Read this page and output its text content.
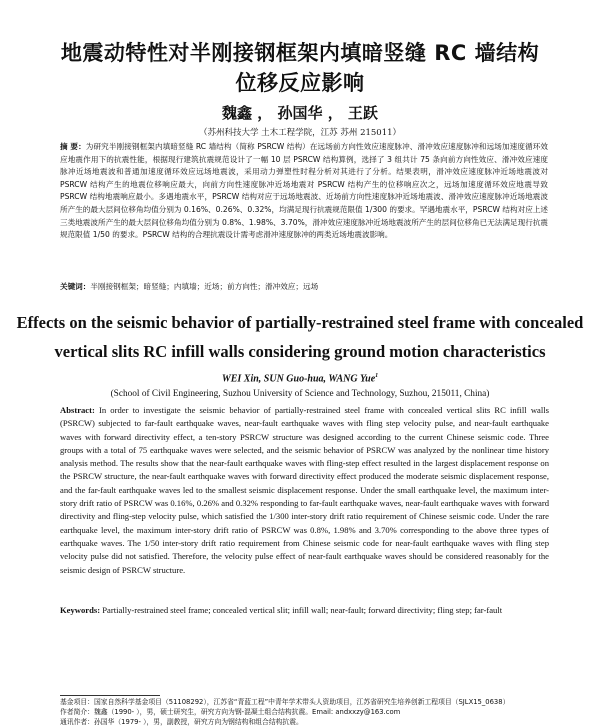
地震动特性对半刚接钢框架内填暗竖缝 RC 墙结构
位移反应影响
魏鑫 ， 孙国华 ， 王跃
（苏州科技大学 土木工程学院，江苏 苏州 215011）
摘 要：为研究半刚接钢框架内填暗竖缝 RC 墙结构（简称 PSRCW 结构）在远场前方向性效应速度脉冲、滑冲效应速度脉冲和远场加速度循环效应地震作用下的抗震性能，根据现行建筑抗震规范设计了一幅 10 层 PSRCW 结构算例，选择了 3 组共计 75 条向前方向性效应、滑冲效应速度脉冲近场地震波和普通加速度循环效应远场地震波，采用动力弹塑性时程分析对其进行了分析。结果表明，滑冲效应速度脉冲近场地震波对 PSRCW 结构产生的地震位移响应最大，向前方向性速度脉冲近场地震对 PSRCW 结构产生的位移响应次之，远场加速度循环效应地震导致 PSRCW 结构地震响应最小。多遇地震水平，PSRCW 结构对应于远场地震波、近场前方向性速度脉冲近场地震波、滑冲效应速度脉冲近场地震波所产生的最大层间位移角均值分别为 0.16%、0.26%、0.32%，均满足现行抗震规范限值 1/300 的要求。罕遇地震水平，PSRCW 结构对应上述三类地震波所产生的最大层间位移角均值分别为 0.8%、1.98%、3.70%，滑冲效应速度脉冲近场地震波所产生的层间位移角已无法满足现行抗震规范限值 1/50 的要求。PSRCW 结构的合理抗震设计需考虑滑冲速度脉冲的两类近场地震波影响。
关键词：半刚接钢框架；暗竖缝；内填墙；近场；前方向性；滑冲效应；远场
Effects on the seismic behavior of partially-restrained steel frame with concealed
vertical slits RC infill walls considering ground motion characteristics
WEI Xin, SUN Guo-hua, WANG Yue$^1$
(School of Civil Engineering, Suzhou University of Science and Technology, Suzhou, 215011, China)
Abstract: In order to investigate the seismic behavior of partially-restrained steel frame with concealed vertical slits RC infill walls (PSRCW) subjected to far-fault earthquake waves, near-fault earthquake waves with fling step velocity pulse, and near-fault earthquake waves with forward directivity effect, a ten-story PSRCW structure was designed according to the current Chinese seismic code. Three groups with a total of 75 earthquake waves were selected, and the seismic behavior of PSRCW was analyzed by the nonlinear time history analysis method. The results show that the near-fault earthquake waves with fling-step effect resulted in the largest displacement response on the PSRCW structure, the near-fault earthquake waves with forward directivity effect produced the moderate seismic displacement response, and the far-fault earthquake waves led to the smallest seismic displacement response. Under the small earthquake level, the maximum inter-story drift ratio of PSRCW was 0.16%, 0.26% and 0.32% responding to far-fault earthquake waves, near-fault earthquake waves with forward directivity and fling-step velocity pulse, which satisfied the 1/300 inter-story drift ratio requirement of Chinese seismic code. Under the rare earthquake level, the maximum inter-story drift ratio of PSRCW was 0.8%, 1.98% and 3.70% corresponding to the above three types of earthquake waves. The 1/50 inter-story drift ratio requirement from Chinese seismic code for near-fault earthquake waves with fling step velocity pulse did not satisfied. Therefore, the velocity pulse effect of near-fault earthquake waves should be considered reasonably for the seismic design of PSRCW structure.
Keywords: Partially-restrained steel frame; concealed vertical slit; infill wall; near-fault; forward directivity; fling step; far-fault
基金项目：国家自然科学基金项目（51108292），江苏省“青蓝工程”中青年学术带头人资助项目，江苏省研究生培养创新工程项目（SJLX15_0638）
作者简介：魏鑫（1990- ），男，硕士研究生，研究方向为钢-混凝土组合结构抗震。Email: andxxzy@163.com
通讯作者：孙国华（1979- ），男，副教授，研究方向为钢结构和组合结构抗震。
